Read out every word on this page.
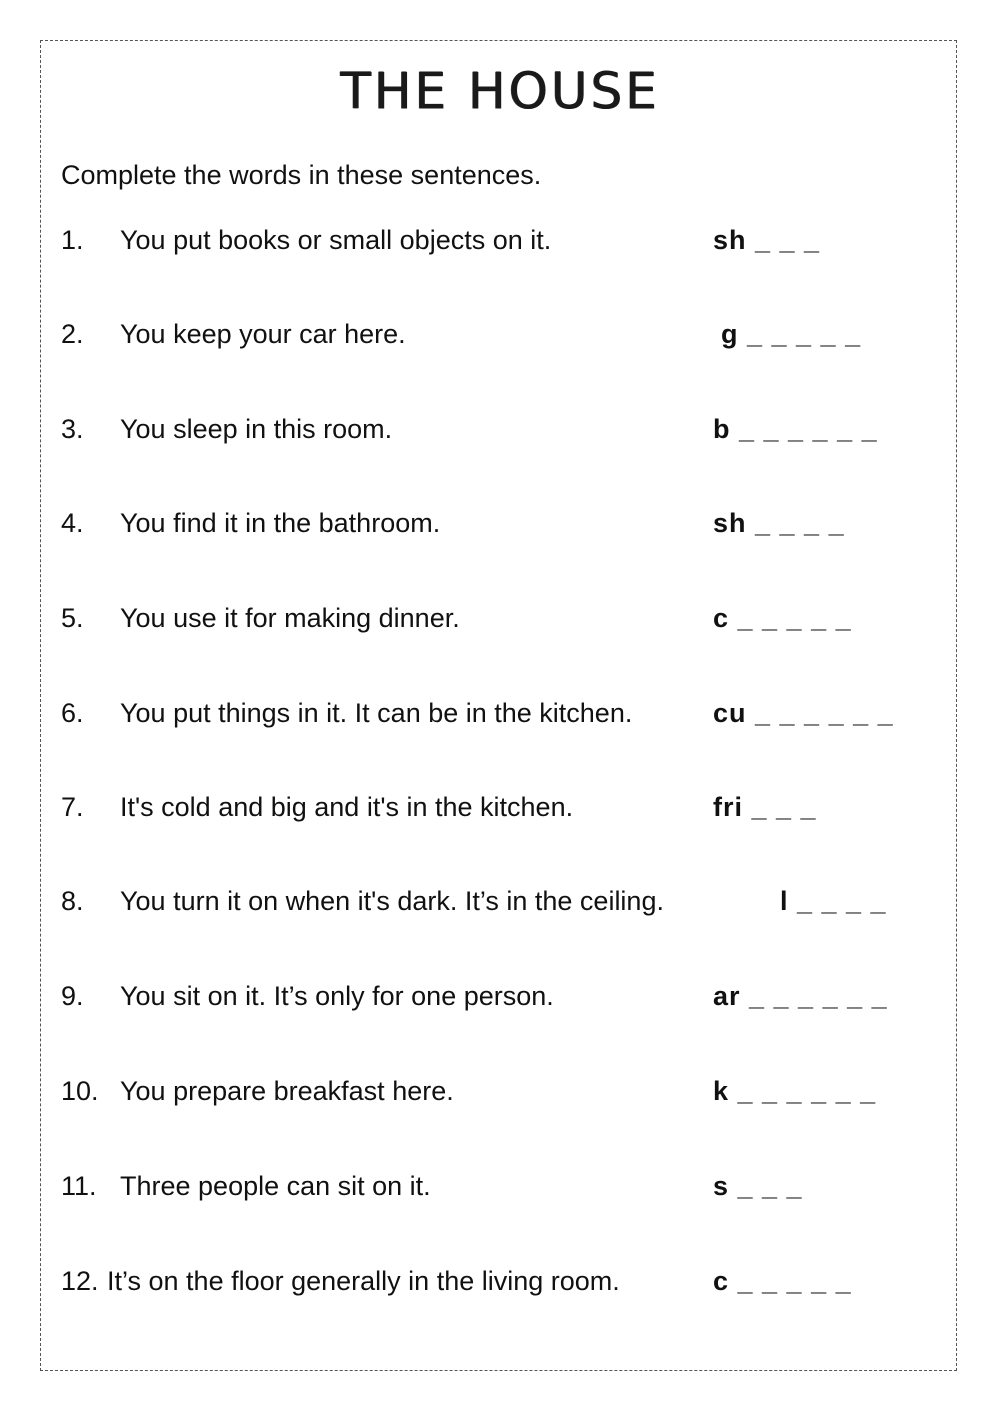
THE HOUSE

Complete the words in these sentences.

1. You put books or small objects on it.	sh _ _ _
2. You keep your car here.	g _ _ _ _ _
3. You sleep in this room.	b _ _ _ _ _ _
4. You find it in the bathroom.	sh _ _ _ _
5. You use it for making dinner.	c _ _ _ _ _
6. You put things in it. It can be in the kitchen.	cu _ _ _ _ _ _
7. It's cold and big and it's in the kitchen.	fri _ _ _
8. You turn it on when it's dark. It’s in the ceiling.	l _ _ _ _
9. You sit on it. It’s only for one person.	ar _ _ _ _ _ _
10. You prepare breakfast here.	k _ _ _ _ _ _
11. Three people can sit on it.	s _ _ _
12. It’s on the floor generally in the living room.	c _ _ _ _ _
